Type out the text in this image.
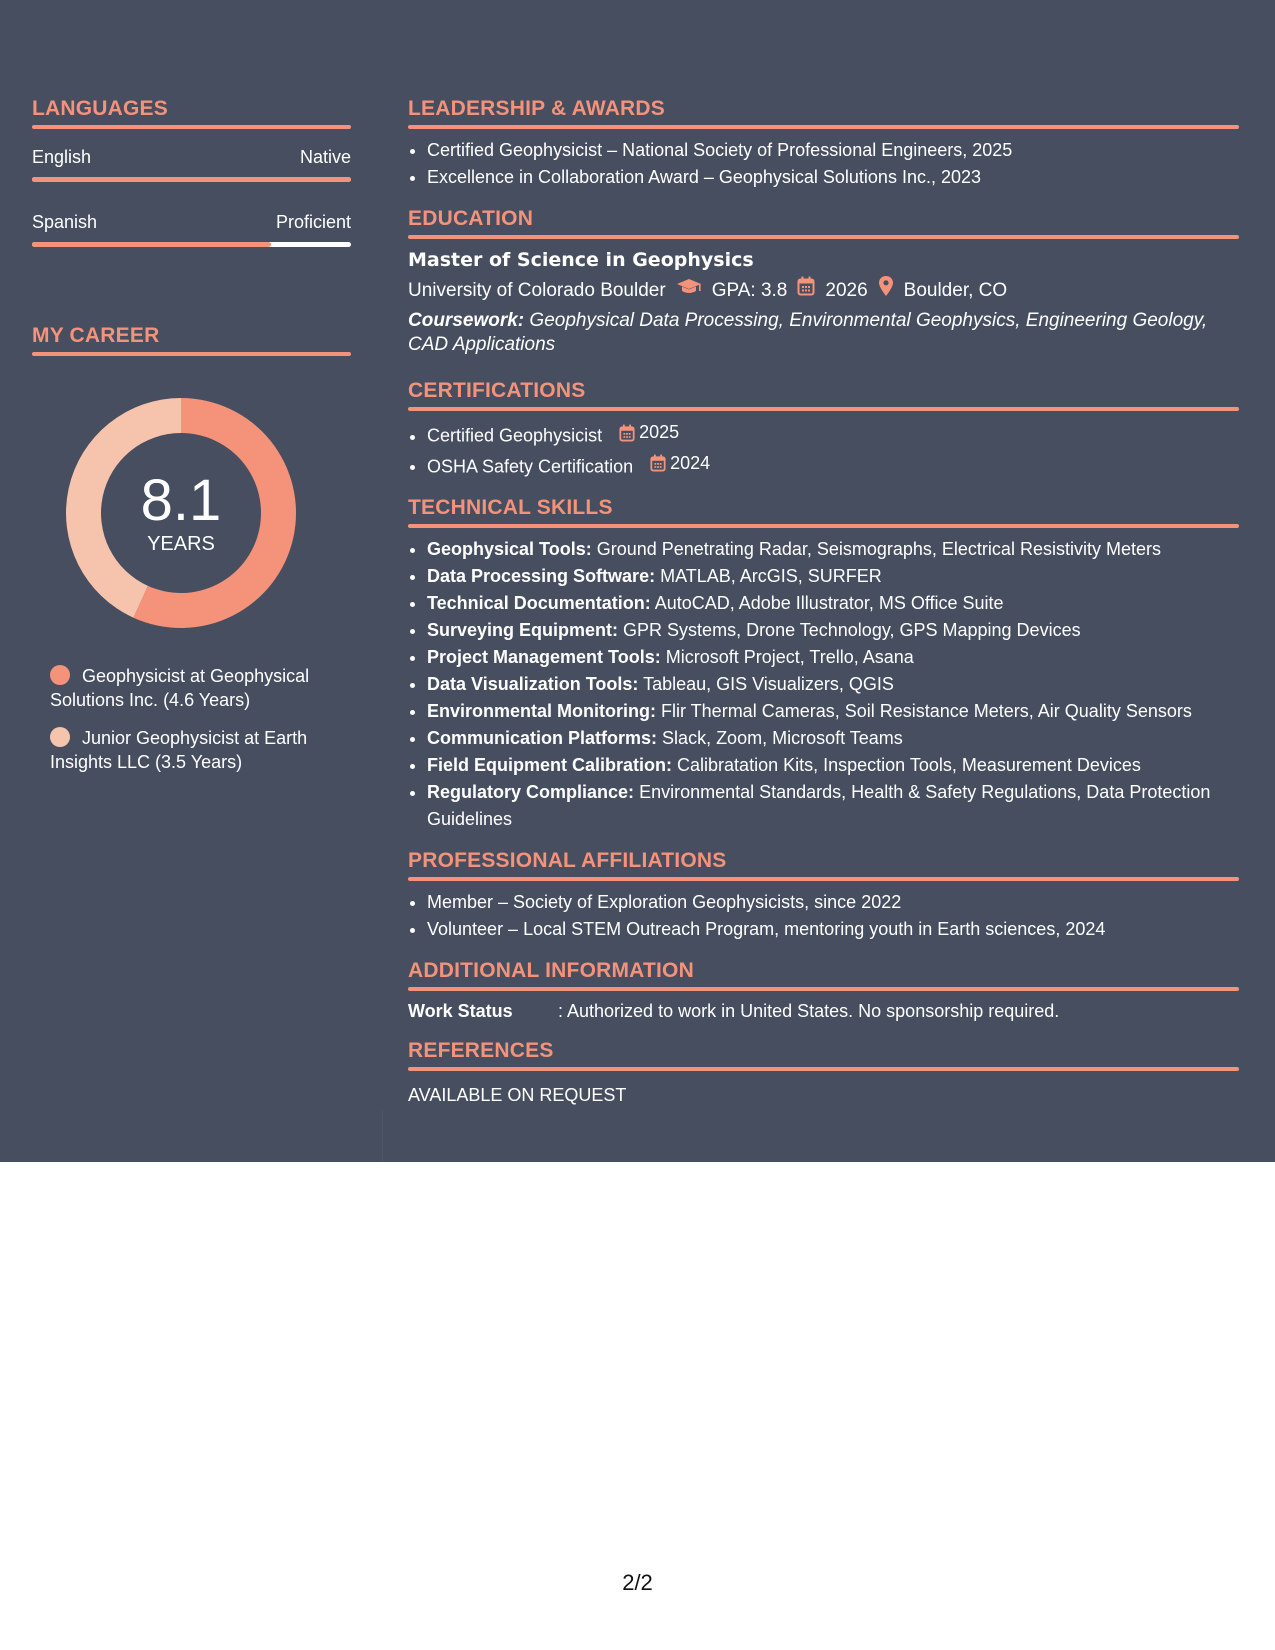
LANGUAGES
English	Native
Spanish	Proficient
MY CAREER
8.1
YEARS
Geophysicist at Geophysical Solutions Inc. (4.6 Years)
Junior Geophysicist at Earth Insights LLC (3.5 Years)
LEADERSHIP & AWARDS
• Certified Geophysicist – National Society of Professional Engineers, 2025
• Excellence in Collaboration Award – Geophysical Solutions Inc., 2023
EDUCATION
Master of Science in Geophysics
University of Colorado Boulder GPA: 3.8 2026 Boulder, CO
Coursework: Geophysical Data Processing, Environmental Geophysics, Engineering Geology, CAD Applications
CERTIFICATIONS
• Certified Geophysicist 2025
• OSHA Safety Certification 2024
TECHNICAL SKILLS
• Geophysical Tools: Ground Penetrating Radar, Seismographs, Electrical Resistivity Meters
• Data Processing Software: MATLAB, ArcGIS, SURFER
• Technical Documentation: AutoCAD, Adobe Illustrator, MS Office Suite
• Surveying Equipment: GPR Systems, Drone Technology, GPS Mapping Devices
• Project Management Tools: Microsoft Project, Trello, Asana
• Data Visualization Tools: Tableau, GIS Visualizers, QGIS
• Environmental Monitoring: Flir Thermal Cameras, Soil Resistance Meters, Air Quality Sensors
• Communication Platforms: Slack, Zoom, Microsoft Teams
• Field Equipment Calibration: Calibratation Kits, Inspection Tools, Measurement Devices
• Regulatory Compliance: Environmental Standards, Health & Safety Regulations, Data Protection Guidelines
PROFESSIONAL AFFILIATIONS
• Member – Society of Exploration Geophysicists, since 2022
• Volunteer – Local STEM Outreach Program, mentoring youth in Earth sciences, 2024
ADDITIONAL INFORMATION
Work Status	: Authorized to work in United States. No sponsorship required.
REFERENCES
AVAILABLE ON REQUEST
2/2
